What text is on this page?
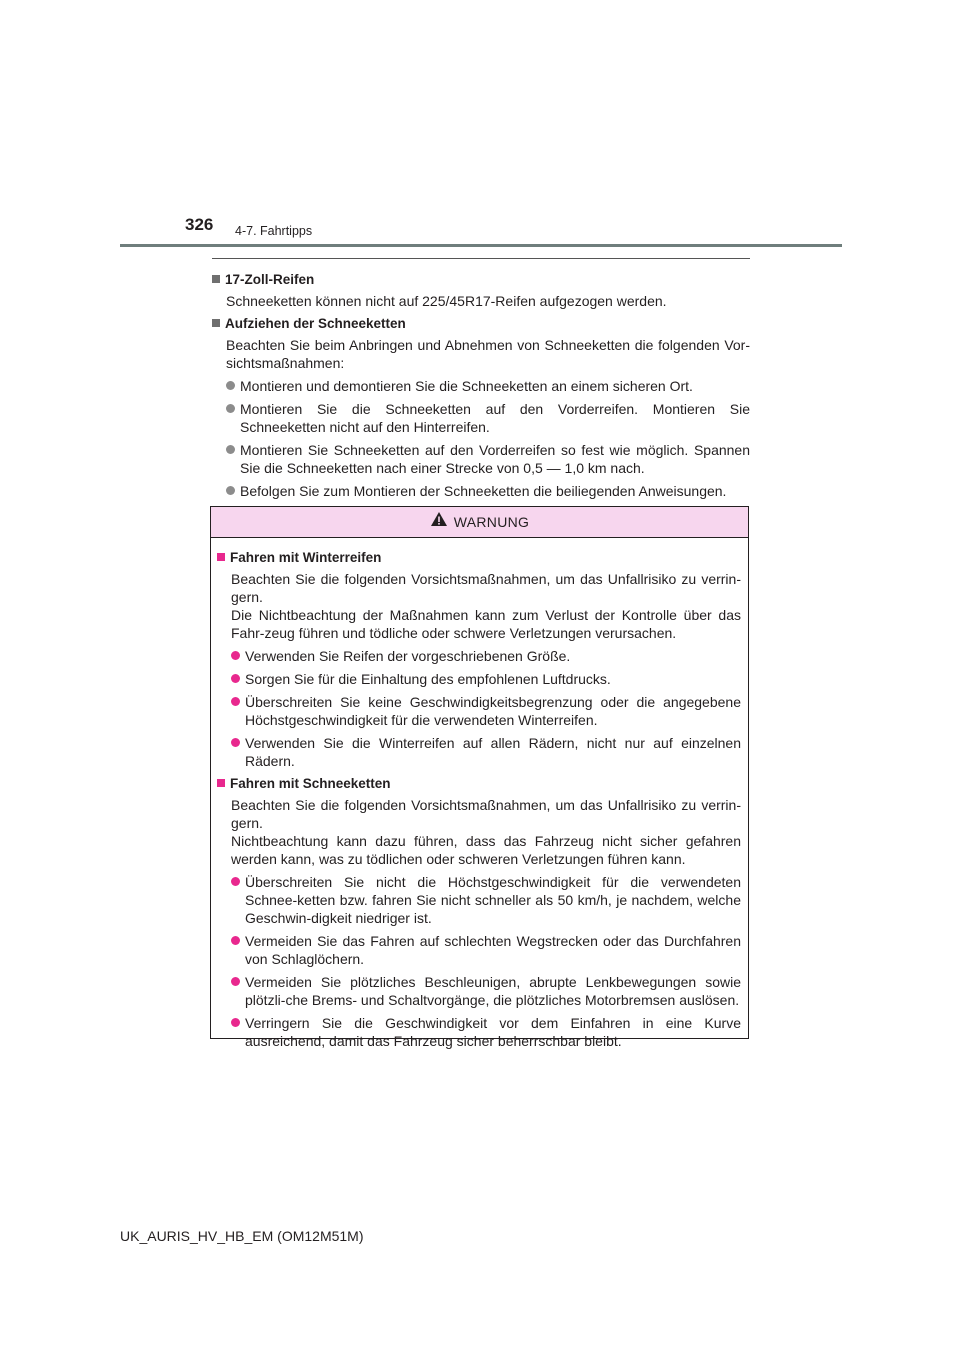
326 4-7. Fahrtipps
17-Zoll-Reifen
Schneeketten können nicht auf 225/45R17-Reifen aufgezogen werden.
Aufziehen der Schneeketten
Beachten Sie beim Anbringen und Abnehmen von Schneeketten die folgenden Vor-sichtsmaßnahmen:
Montieren und demontieren Sie die Schneeketten an einem sicheren Ort.
Montieren Sie die Schneeketten auf den Vorderreifen. Montieren Sie Schneeketten nicht auf den Hinterreifen.
Montieren Sie Schneeketten auf den Vorderreifen so fest wie möglich. Spannen Sie die Schneeketten nach einer Strecke von 0,5 — 1,0 km nach.
Befolgen Sie zum Montieren der Schneeketten die beiliegenden Anweisungen.
WARNUNG
Fahren mit Winterreifen
Beachten Sie die folgenden Vorsichtsmaßnahmen, um das Unfallrisiko zu verrin-gern.
Die Nichtbeachtung der Maßnahmen kann zum Verlust der Kontrolle über das Fahr-zeug führen und tödliche oder schwere Verletzungen verursachen.
Verwenden Sie Reifen der vorgeschriebenen Größe.
Sorgen Sie für die Einhaltung des empfohlenen Luftdrucks.
Überschreiten Sie keine Geschwindigkeitsbegrenzung oder die angegebene Höchstgeschwindigkeit für die verwendeten Winterreifen.
Verwenden Sie die Winterreifen auf allen Rädern, nicht nur auf einzelnen Rädern.
Fahren mit Schneeketten
Beachten Sie die folgenden Vorsichtsmaßnahmen, um das Unfallrisiko zu verrin-gern.
Nichtbeachtung kann dazu führen, dass das Fahrzeug nicht sicher gefahren werden kann, was zu tödlichen oder schweren Verletzungen führen kann.
Überschreiten Sie nicht die Höchstgeschwindigkeit für die verwendeten Schnee-ketten bzw. fahren Sie nicht schneller als 50 km/h, je nachdem, welche Geschwin-digkeit niedriger ist.
Vermeiden Sie das Fahren auf schlechten Wegstrecken oder das Durchfahren von Schlaglöchern.
Vermeiden Sie plötzliches Beschleunigen, abrupte Lenkbewegungen sowie plötzli-che Brems- und Schaltvorgänge, die plötzliches Motorbremsen auslösen.
Verringern Sie die Geschwindigkeit vor dem Einfahren in eine Kurve ausreichend, damit das Fahrzeug sicher beherrschbar bleibt.
UK_AURIS_HV_HB_EM (OM12M51M)
